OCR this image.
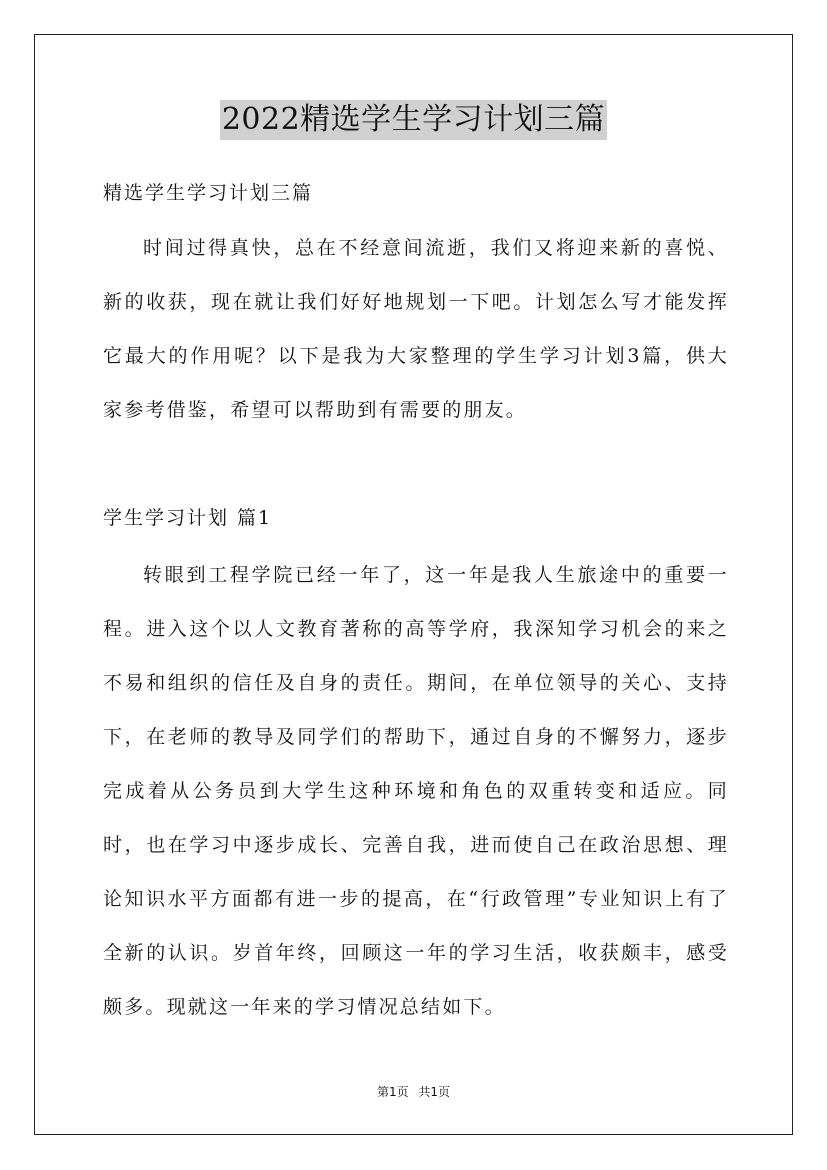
2022精选学生学习计划三篇
精选学生学习计划三篇

时间过得真快，总在不经意间流逝，我们又将迎来新的喜悦、新的收获，现在就让我们好好地规划一下吧。计划怎么写才能发挥它最大的作用呢？以下是我为大家整理的学生学习计划3篇，供大家参考借鉴，希望可以帮助到有需要的朋友。

学生学习计划 篇1

转眼到工程学院已经一年了，这一年是我人生旅途中的重要一程。进入这个以人文教育著称的高等学府，我深知学习机会的来之不易和组织的信任及自身的责任。期间，在单位领导的关心、支持下，在老师的教导及同学们的帮助下，通过自身的不懈努力，逐步完成着从公务员到大学生这种环境和角色的双重转变和适应。同时，也在学习中逐步成长、完善自我，进而使自己在政治思想、理论知识水平方面都有进一步的提高，在“行政管理”专业知识上有了全新的认识。岁首年终，回顾这一年的学习生活，收获颇丰，感受颇多。现就这一年来的学习情况总结如下。

第1页 共1页
